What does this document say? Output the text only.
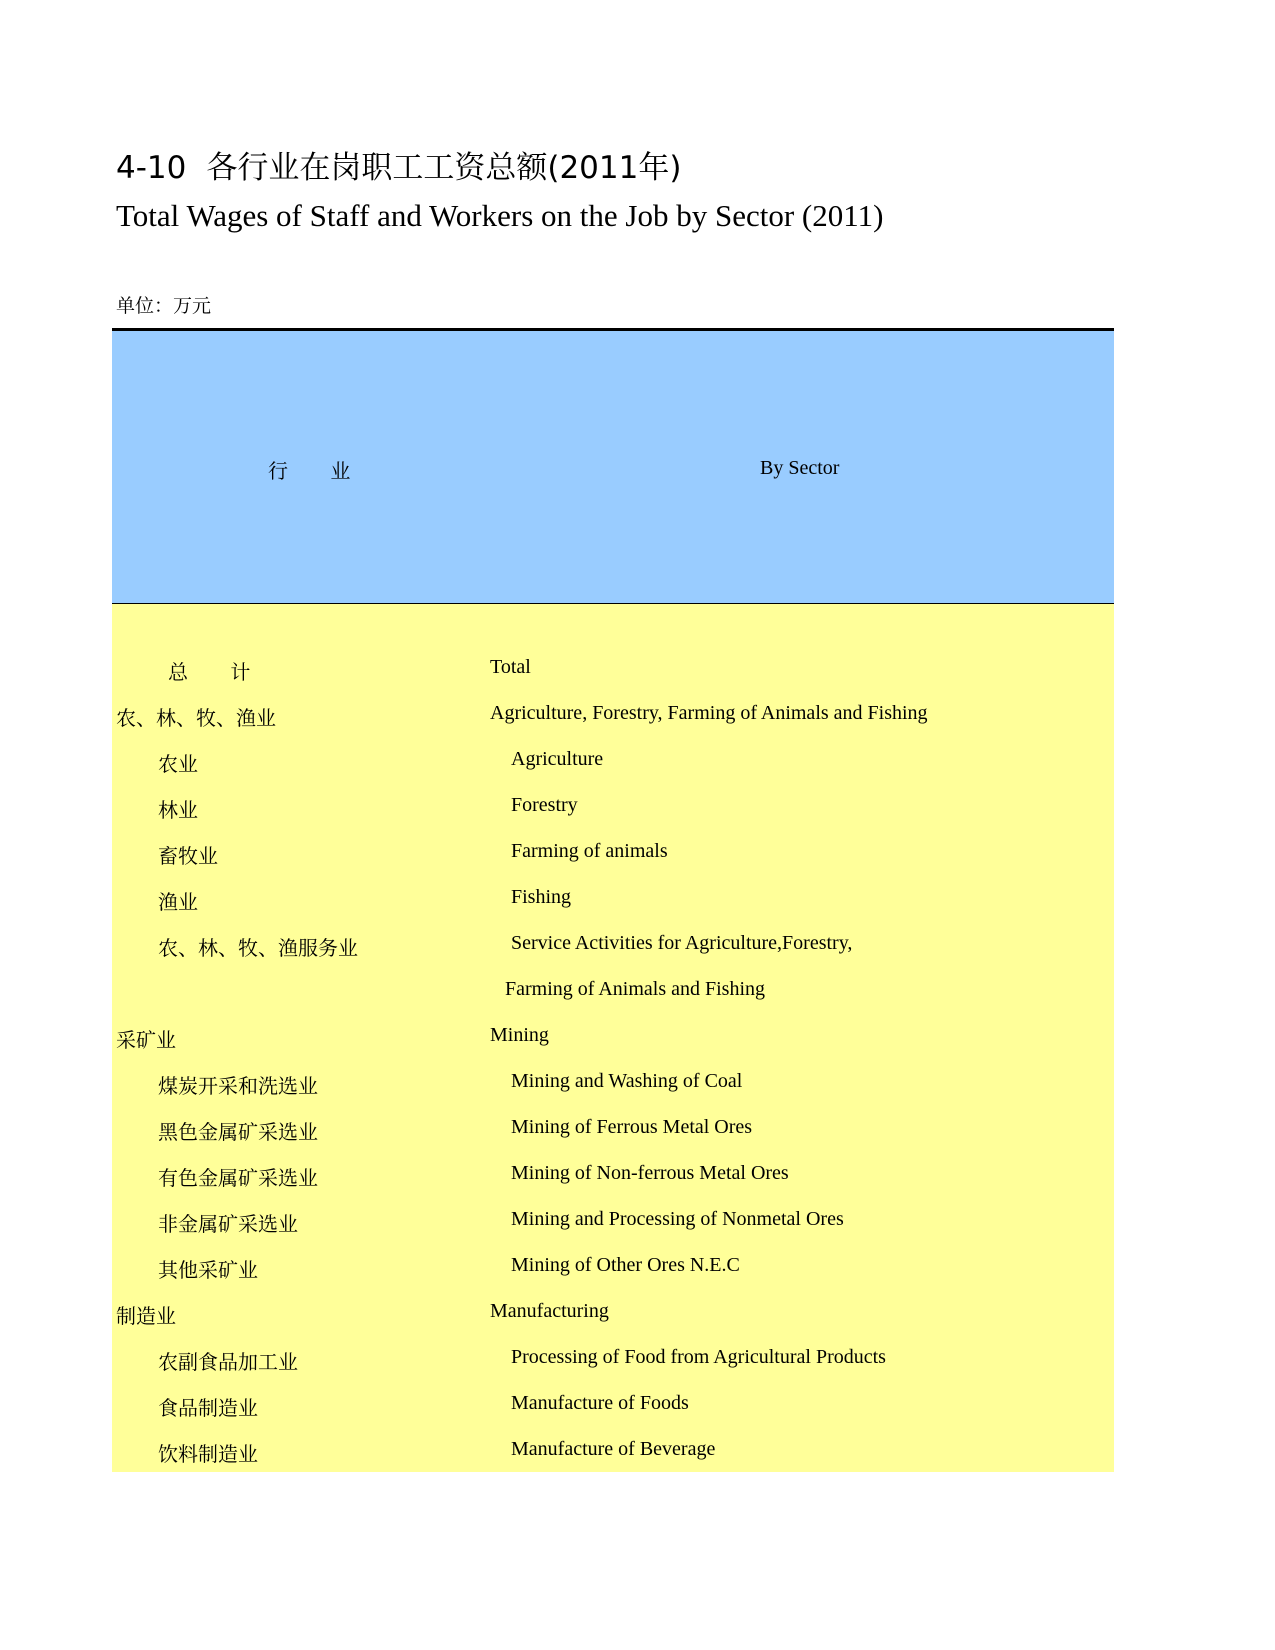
4-10 各行业在岗职工工资总额(2011年)
Total Wages of Staff and Workers on the Job by Sector (2011)
单位：万元
行 业	By Sector
总 计	Total
农、林、牧、渔业	Agriculture, Forestry, Farming of Animals and Fishing
农业	Agriculture
林业	Forestry
畜牧业	Farming of animals
渔业	Fishing
农、林、牧、渔服务业	Service Activities for Agriculture,Forestry,
Farming of Animals and Fishing
采矿业	Mining
煤炭开采和洗选业	Mining and Washing of Coal
黑色金属矿采选业	Mining of Ferrous Metal Ores
有色金属矿采选业	Mining of Non-ferrous Metal Ores
非金属矿采选业	Mining and Processing of Nonmetal Ores
其他采矿业	Mining of Other Ores N.E.C
制造业	Manufacturing
农副食品加工业	Processing of Food from Agricultural Products
食品制造业	Manufacture of Foods
饮料制造业	Manufacture of Beverage
